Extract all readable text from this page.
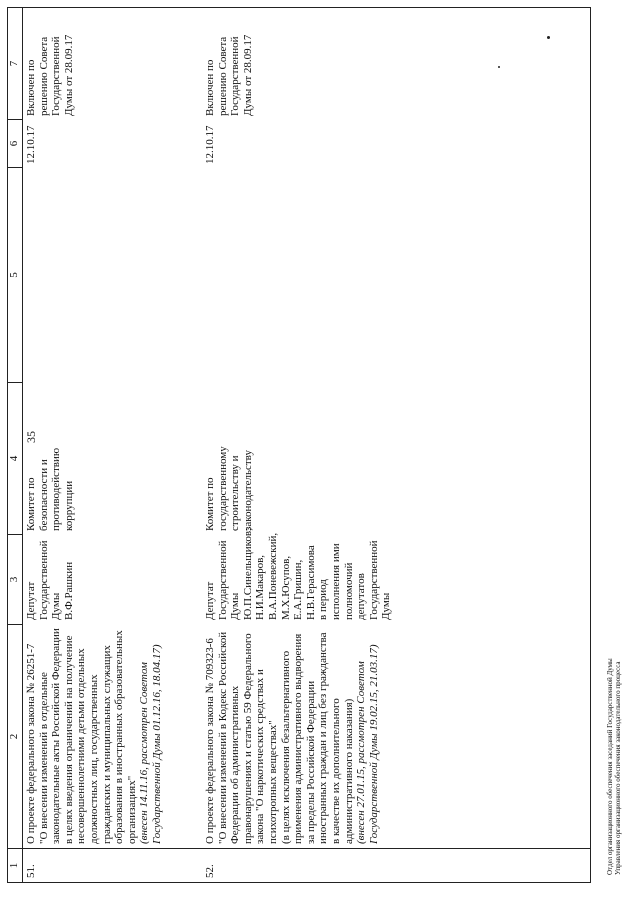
35
1
2
3
4
5
6
7
51.
О проекте федерального закона № 26251-7
"О внесении изменений в отдельные
законодательные акты Российской Федерации
в целях введения ограничений на получение
несовершеннолетними детьми отдельных
должностных лиц, государственных
гражданских и муниципальных служащих
образования в иностранных образовательных
организациях"
(внесен 14.11.16, рассмотрен Советом
Государственной Думы 01.12.16, 18.04.17)
Депутат
Государственной
Думы
В.Ф.Рашкин
Комитет по
безопасности и
противодействию
коррупции
12.10.17
Включен по
решению Совета
Государственной
Думы от 28.09.17
52.
О проекте федерального закона № 709323-6
"О внесении изменений в Кодекс Российской
Федерации об административных
правонарушениях и статью 59 Федерального
закона "О наркотических средствах и
психотропных веществах"
(в целях исключения безальтернативного
применения административного выдворения
за пределы Российской Федерации
иностранных граждан и лиц без гражданства
в качестве их дополнительного
административного наказания)
(внесен 27.01.15, рассмотрен Советом
Государственной Думы 19.02.15, 21.03.17)
Депутат
Государственной
Думы
Ю.П.Синельщиков;
Н.И.Макаров,
В.А.Поневежский,
М.Х.Юсупов,
Е.А.Гришин,
Н.В.Герасимова
в период
исполнения ими
полномочий
депутатов
Государственной
Думы
Комитет по
государственному
строительству и
законодательству
12.10.17
Включен по
решению Совета
Государственной
Думы от 28.09.17
Отдел организационного обеспечения заседаний Государственной Думы
Управления организационного обеспечения законодательного процесса
